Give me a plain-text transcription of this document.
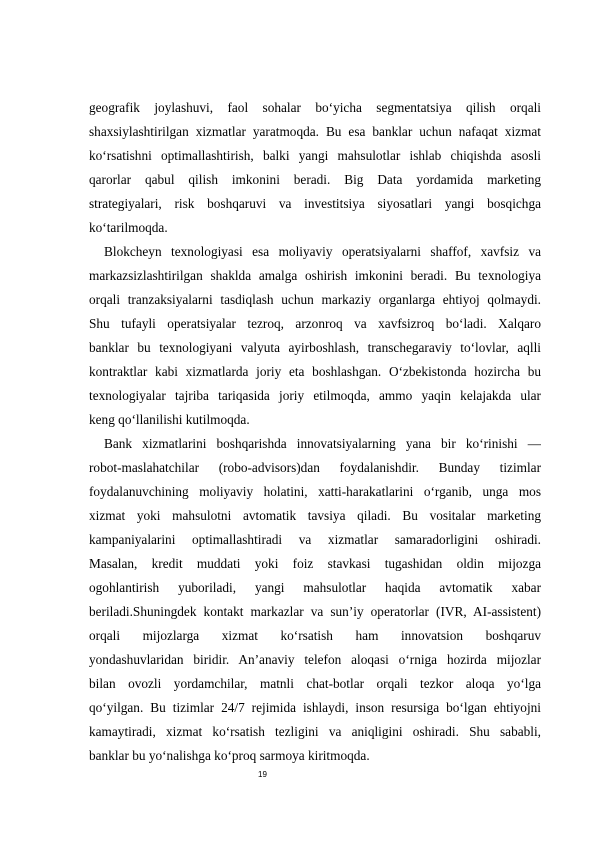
geografik joylashuvi, faol sohalar bo‘yicha segmentatsiya qilish orqali
shaxsiylashtirilgan xizmatlar yaratmoqda. Bu esa banklar uchun nafaqat xizmat
ko‘rsatishni optimallashtirish, balki yangi mahsulotlar ishlab chiqishda asosli
qarorlar qabul qilish imkonini beradi. Big Data yordamida marketing
strategiyalari, risk boshqaruvi va investitsiya siyosatlari yangi bosqichga
ko‘tarilmoqda.
Blokcheyn texnologiyasi esa moliyaviy operatsiyalarni shaffof, xavfsiz va
markazsizlashtirilgan shaklda amalga oshirish imkonini beradi. Bu texnologiya
orqali tranzaksiyalarni tasdiqlash uchun markaziy organlarga ehtiyoj qolmaydi.
Shu tufayli operatsiyalar tezroq, arzonroq va xavfsizroq bo‘ladi. Xalqaro
banklar bu texnologiyani valyuta ayirboshlash, transchegaraviy to‘lovlar, aqlli
kontraktlar kabi xizmatlarda joriy eta boshlashgan. O‘zbekistonda hozircha bu
texnologiyalar tajriba tariqasida joriy etilmoqda, ammo yaqin kelajakda ular
keng qo‘llanilishi kutilmoqda.
Bank xizmatlarini boshqarishda innovatsiyalarning yana bir ko‘rinishi —
robot-maslahatchilar (robo-advisors)dan foydalanishdir. Bunday tizimlar
foydalanuvchining moliyaviy holatini, xatti-harakatlarini o‘rganib, unga mos
xizmat yoki mahsulotni avtomatik tavsiya qiladi. Bu vositalar marketing
kampaniyalarini optimallashtiradi va xizmatlar samaradorligini oshiradi.
Masalan, kredit muddati yoki foiz stavkasi tugashidan oldin mijozga
ogohlantirish yuboriladi, yangi mahsulotlar haqida avtomatik xabar
beriladi.Shuningdek kontakt markazlar va sun’iy operatorlar (IVR, AI-assistent)
orqali mijozlarga xizmat ko‘rsatish ham innovatsion boshqaruv
yondashuvlaridan biridir. An’anaviy telefon aloqasi o‘rniga hozirda mijozlar
bilan ovozli yordamchilar, matnli chat-botlar orqali tezkor aloqa yo‘lga
qo‘yilgan. Bu tizimlar 24/7 rejimida ishlaydi, inson resursiga bo‘lgan ehtiyojni
kamaytiradi, xizmat ko‘rsatish tezligini va aniqligini oshiradi. Shu sababli,
banklar bu yo‘nalishga ko‘proq sarmoya kiritmoqda.
19
